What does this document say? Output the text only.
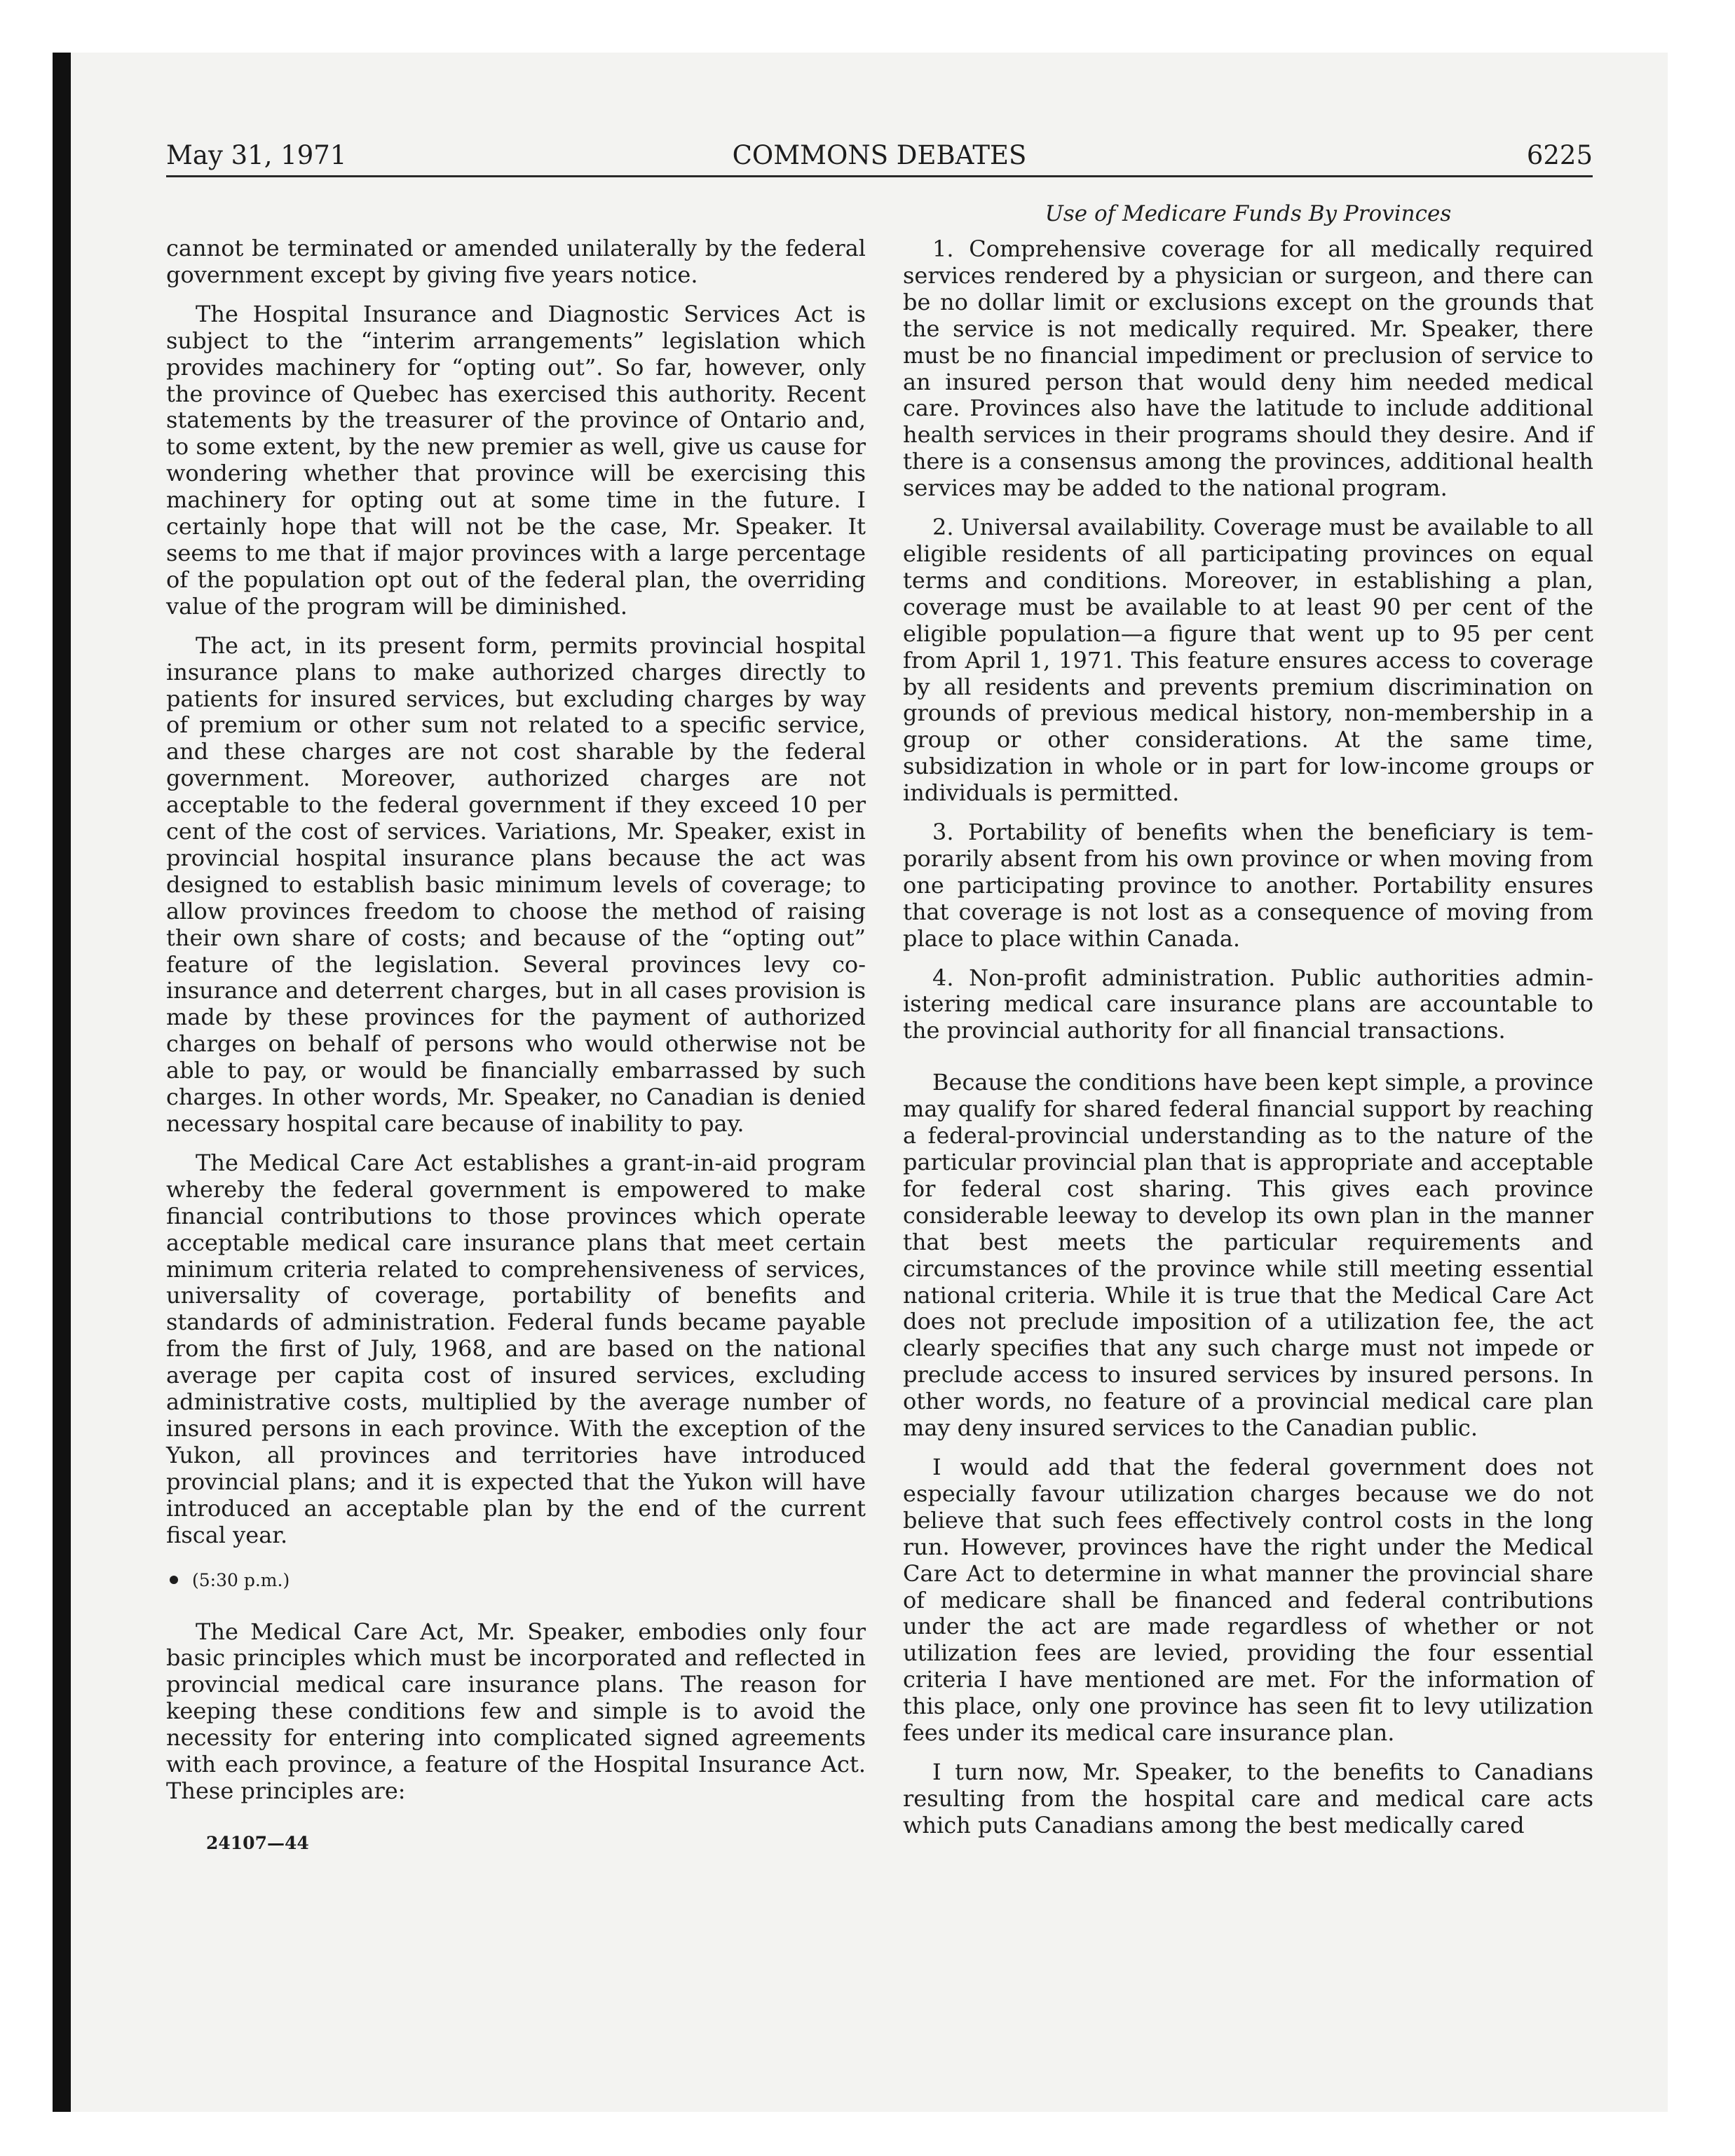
May 31, 1971	COMMONS DEBATES	6225

cannot be terminated or amended unilaterally by the federal government except by giving five years notice.

The Hospital Insurance and Diagnostic Services Act is subject to the “interim arrangements” legislation which provides machinery for “opting out”. So far, however, only the province of Quebec has exercised this authority. Recent statements by the treasurer of the province of Ontario and, to some extent, by the new premier as well, give us cause for wondering whether that province will be exercising this machinery for opting out at some time in the future. I certainly hope that will not be the case, Mr. Speaker. It seems to me that if major provinces with a large percentage of the population opt out of the federal plan, the overriding value of the program will be diminished.

The act, in its present form, permits provincial hospital insurance plans to make authorized charges directly to patients for insured services, but excluding charges by way of premium or other sum not related to a specific service, and these charges are not cost sharable by the federal government. Moreover, authorized charges are not acceptable to the federal government if they exceed 10 per cent of the cost of services. Variations, Mr. Speaker, exist in provincial hospital insurance plans because the act was designed to establish basic minimum levels of coverage; to allow provinces freedom to choose the method of raising their own share of costs; and because of the “opting out” feature of the legislation. Several provinces levy co-insurance and deterrent charges, but in all cases provision is made by these provinces for the payment of authorized charges on behalf of persons who would otherwise not be able to pay, or would be financially embarrassed by such charges. In other words, Mr. Speaker, no Canadian is denied necessary hospital care because of inability to pay.

The Medical Care Act establishes a grant-in-aid program whereby the federal government is empowered to make financial contributions to those provinces which operate acceptable medical care insurance plans that meet certain minimum criteria related to comprehensiveness of services, universality of coverage, portability of benefits and standards of administration. Federal funds became payable from the first of July, 1968, and are based on the national average per capita cost of insured services, excluding administrative costs, multiplied by the average number of insured persons in each province. With the exception of the Yukon, all provinces and territories have introduced provincial plans; and it is expected that the Yukon will have introduced an acceptable plan by the end of the current fiscal year.

(5:30 p.m.)

The Medical Care Act, Mr. Speaker, embodies only four basic principles which must be incorporated and reflected in provincial medical care insurance plans. The reason for keeping these conditions few and simple is to avoid the necessity for entering into complicated signed agreements with each province, a feature of the Hospital Insurance Act. These principles are:

24107—44
Use of Medicare Funds By Provinces

1. Comprehensive coverage for all medically required services rendered by a physician or surgeon, and there can be no dollar limit or exclusions except on the grounds that the service is not medically required. Mr. Speaker, there must be no financial impediment or preclusion of service to an insured person that would deny him needed medical care. Provinces also have the latitude to include additional health services in their programs should they desire. And if there is a consensus among the provinces, additional health services may be added to the national program.

2. Universal availability. Coverage must be available to all eligible residents of all participating provinces on equal terms and conditions. Moreover, in establishing a plan, coverage must be available to at least 90 per cent of the eligible population—a figure that went up to 95 per cent from April 1, 1971. This feature ensures access to coverage by all residents and prevents premium discrimination on grounds of previous medical history, non-membership in a group or other considerations. At the same time, subsidization in whole or in part for low-income groups or individuals is permitted.

3. Portability of benefits when the beneficiary is temporarily absent from his own province or when moving from one participating province to another. Portability ensures that coverage is not lost as a consequence of moving from place to place within Canada.

4. Non-profit administration. Public authorities administering medical care insurance plans are accountable to the provincial authority for all financial transactions.

Because the conditions have been kept simple, a province may qualify for shared federal financial support by reaching a federal-provincial understanding as to the nature of the particular provincial plan that is appropriate and acceptable for federal cost sharing. This gives each province considerable leeway to develop its own plan in the manner that best meets the particular requirements and circumstances of the province while still meeting essential national criteria. While it is true that the Medical Care Act does not preclude imposition of a utilization fee, the act clearly specifies that any such charge must not impede or preclude access to insured services by insured persons. In other words, no feature of a provincial medical care plan may deny insured services to the Canadian public.

I would add that the federal government does not especially favour utilization charges because we do not believe that such fees effectively control costs in the long run. However, provinces have the right under the Medical Care Act to determine in what manner the provincial share of medicare shall be financed and federal contributions under the act are made regardless of whether or not utilization fees are levied, providing the four essential criteria I have mentioned are met. For the information of this place, only one province has seen fit to levy utilization fees under its medical care insurance plan.

I turn now, Mr. Speaker, to the benefits to Canadians resulting from the hospital care and medical care acts which puts Canadians among the best medically cared
